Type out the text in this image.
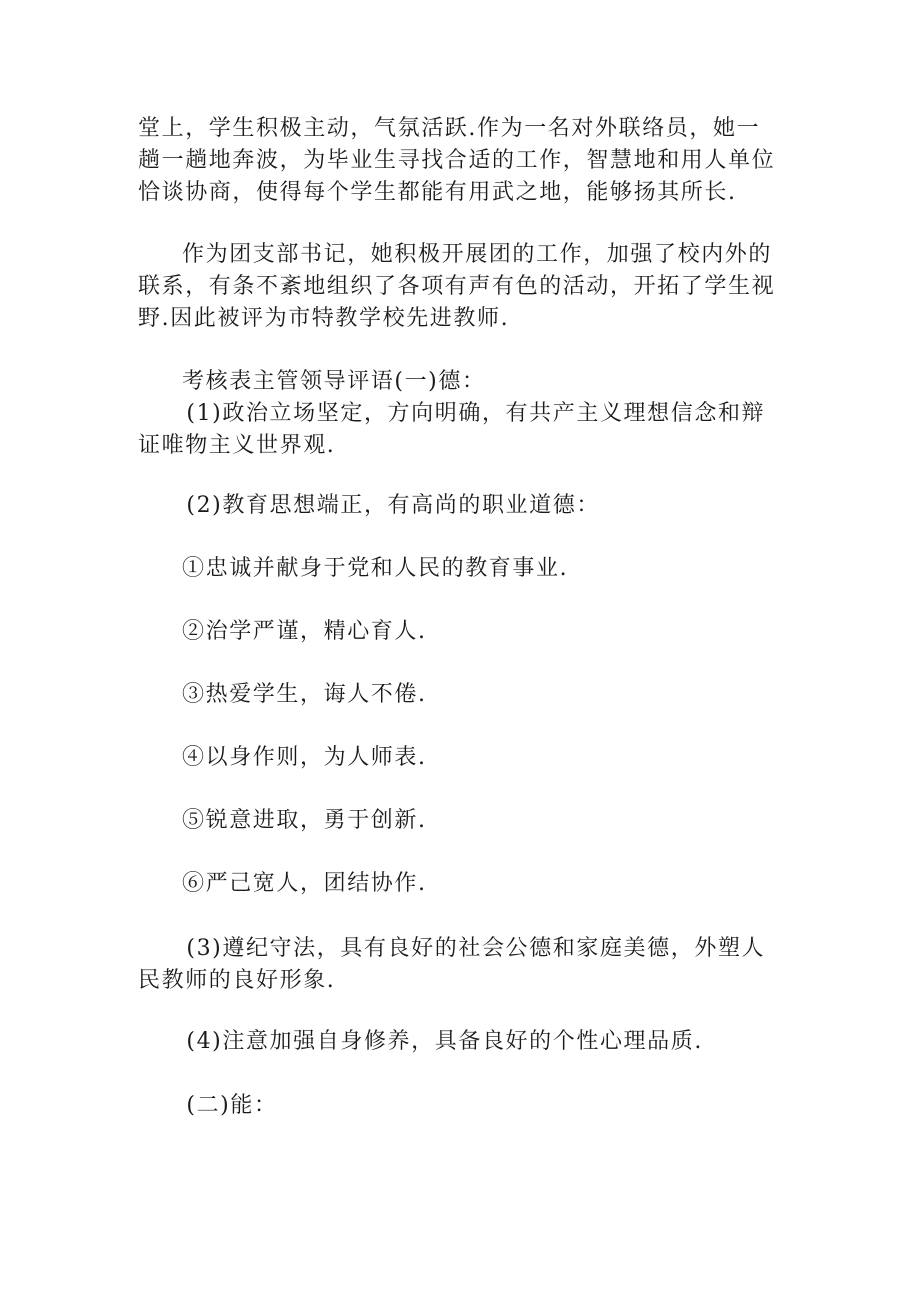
堂上，学生积极主动，气氛活跃.作为一名对外联络员，她一趟一趟地奔波，为毕业生寻找合适的工作，智慧地和用人单位恰谈协商，使得每个学生都能有用武之地，能够扬其所长.

作为团支部书记，她积极开展团的工作，加强了校内外的联系，有条不紊地组织了各项有声有色的活动，开拓了学生视野.因此被评为市特教学校先进教师.

考核表主管领导评语(一)德：

(1)政治立场坚定，方向明确，有共产主义理想信念和辩证唯物主义世界观.

(2)教育思想端正，有高尚的职业道德：

①忠诚并献身于党和人民的教育事业.

②治学严谨，精心育人.

③热爱学生，诲人不倦.

④以身作则，为人师表.

⑤锐意进取，勇于创新.

⑥严己宽人，团结协作.

(3)遵纪守法，具有良好的社会公德和家庭美德，外塑人民教师的良好形象.

(4)注意加强自身修养，具备良好的个性心理品质.

(二)能：
